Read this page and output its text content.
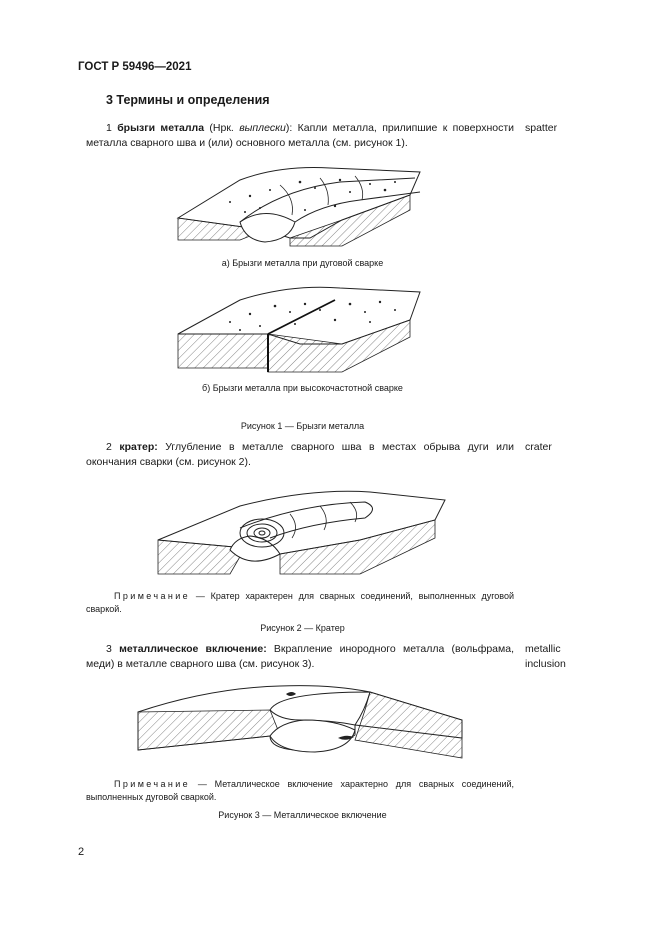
ГОСТ Р 59496—2021
3 Термины и определения
1 брызги металла (Нрк. выплески): Капли металла, прилипшие к поверхности металла сварного шва и (или) основного металла (см. рисунок 1).
spatter
а) Брызги металла при дуговой сварке
б) Брызги металла при высокочастотной сварке
Рисунок 1 — Брызги металла
2 кратер: Углубление в металле сварного шва в местах обрыва дуги или окончания сварки (см. рисунок 2).
crater
Примечание — Кратер характерен для сварных соединений, выполненных дуговой сваркой.
Рисунок 2 — Кратер
3 металлическое включение: Вкрапление инородного металла (вольфрама, меди) в металле сварного шва (см. рисунок 3).
metallic
inclusion
Примечание — Металлическое включение характерно для сварных соединений, выполненных дуговой сваркой.
Рисунок 3 — Металлическое включение
2
